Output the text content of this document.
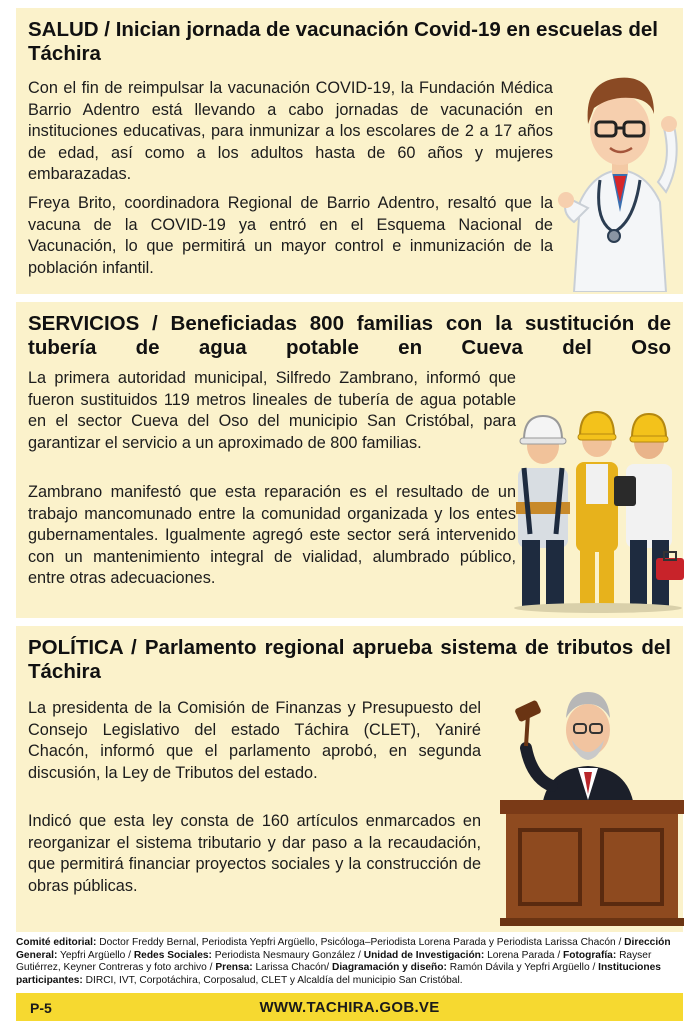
SALUD / Inician jornada de vacunación Covid-19 en escuelas del Táchira
Con el fin de reimpulsar la vacunación COVID-19, la Fundación Médica Barrio Adentro está llevando a cabo jornadas de vacunación en instituciones educativas, para inmunizar a los escolares de 2 a 17 años de edad, así como a los adultos hasta de 60 años y mujeres embarazadas.
Freya Brito, coordinadora Regional de Barrio Adentro, resaltó que la vacuna de la COVID-19 ya entró en el Esquema Nacional de Vacunación, lo que permitirá un mayor control e inmunización de la población infantil.
SERVICIOS / Beneficiadas 800 familias con la sustitución de tubería de agua potable en Cueva del Oso
La primera autoridad municipal, Silfredo Zambrano, informó que fueron sustituidos 119 metros lineales de tubería de agua potable en el sector Cueva del Oso del municipio San Cristóbal, para garantizar el servicio a un aproximado de 800 familias.
Zambrano manifestó que esta reparación es el resultado de un trabajo mancomunado entre la comunidad organizada y los entes gubernamentales. Igualmente agregó este sector será intervenido con un mantenimiento integral de vialidad, alumbrado público, entre otras adecuaciones.
POLÍTICA / Parlamento regional aprueba sistema de tributos del Táchira
La presidenta de la Comisión de Finanzas y Presupuesto del Consejo Legislativo del estado Táchira (CLET), Yaniré Chacón, informó que el parlamento aprobó, en segunda discusión, la Ley de Tributos del estado.
Indicó que esta ley consta de 160 artículos enmarcados en reorganizar el sistema tributario y dar paso a la recaudación, que permitirá financiar proyectos sociales y la construcción de obras públicas.
Comité editorial: Doctor Freddy Bernal, Periodista Yepfri Argüello, Psicóloga–Periodista Lorena Parada y Periodista Larissa Chacón / Dirección General: Yepfri Argüello / Redes Sociales: Periodista Nesmaury González / Unidad de Investigación: Lorena Parada / Fotografía: Rayser Gutiérrez, Keyner Contreras y foto archivo / Prensa: Larissa Chacón/ Diagramación y diseño: Ramón Dávila y Yepfri Argüello / Instituciones participantes: DIRCI, IVT, Corpotáchira, Corposalud, CLET y Alcaldía del municipio San Cristóbal.
P-5	WWW.TACHIRA.GOB.VE
